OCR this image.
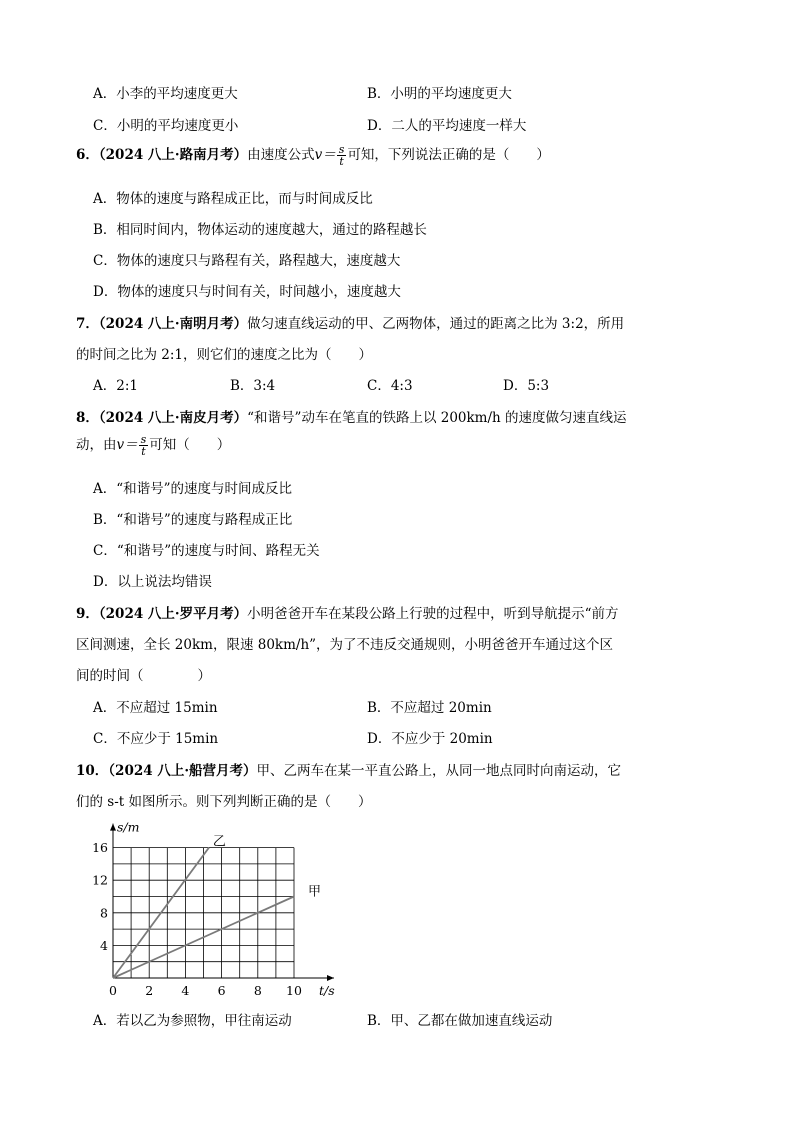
A．小李的平均速度更大	B．小明的平均速度更大
C．小明的平均速度更小	D．二人的平均速度一样大
6．（2024 八上·路南月考）由速度公式$v= \frac{s}{t}$ 可知，下列说法正确的是（　　）
A．物体的速度与路程成正比，而与时间成反比
B．相同时间内，物体运动的速度越大，通过的路程越长
C．物体的速度只与路程有关，路程越大，速度越大
D．物体的速度只与时间有关，时间越小，速度越大
7．（2024 八上·南明月考）做匀速直线运动的甲、乙两物体，通过的距离之比为 3:2，所用
的时间之比为 2:1，则它们的速度之比为（　　）
A．2:1	B．3:4	C．4:3	D．5:3
8．（2024 八上·南皮月考）“和谐号”动车在笔直的铁路上以 200km/h 的速度做匀速直线运
动，由$v= \frac{s}{t}$ 可知（　　）
A．“和谐号”的速度与时间成反比
B．“和谐号”的速度与路程成正比
C．“和谐号”的速度与时间、路程无关
D．以上说法均错误
9．（2024 八上·罗平月考）小明爸爸开车在某段公路上行驶的过程中，听到导航提示“前方
区间测速，全长 20km，限速 80km/h”，为了不违反交通规则，小明爸爸开车通过这个区
间的时间（　　　　）
A．不应超过 15min	B．不应超过 20min
C．不应少于 15min	D．不应少于 20min
10．（2024 八上·船营月考）甲、乙两车在某一平直公路上，从同一地点同时向南运动，它
们的 s-t 如图所示。则下列判断正确的是（　　）
0 2 4 6 8 10
4
8
12
16
t/s
s/m
乙
甲
A．若以乙为参照物，甲往南运动	B．甲、乙都在做加速直线运动
